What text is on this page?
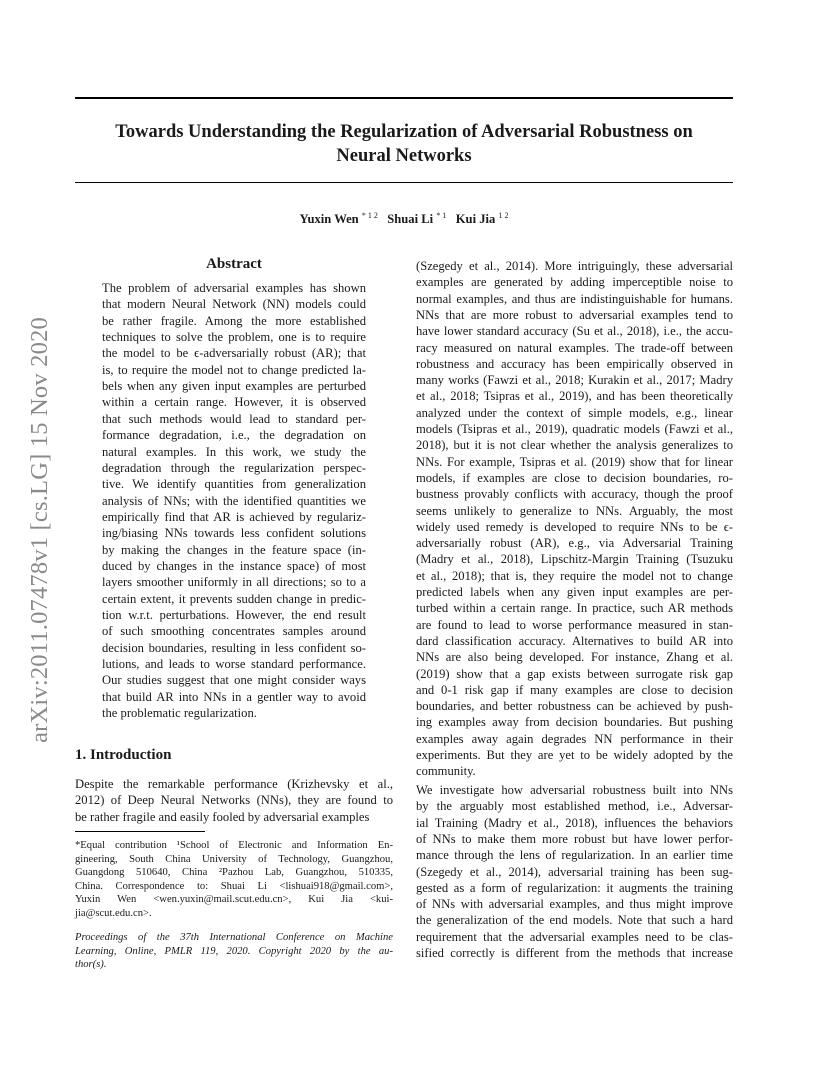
arXiv:2011.07478v1 [cs.LG] 15 Nov 2020
Towards Understanding the Regularization of Adversarial Robustness on
Neural Networks
Yuxin Wen $^{* 1 2}$ Shuai Li $^{* 1}$ Kui Jia $^{1 2}$
Abstract
The problem of adversarial examples has shown
that modern Neural Network (NN) models could
be rather fragile. Among the more established
techniques to solve the problem, one is to require
the model to be ϵ-adversarially robust (AR); that
is, to require the model not to change predicted la-
bels when any given input examples are perturbed
within a certain range. However, it is observed
that such methods would lead to standard per-
formance degradation, i.e., the degradation on
natural examples. In this work, we study the
degradation through the regularization perspec-
tive. We identify quantities from generalization
analysis of NNs; with the identified quantities we
empirically find that AR is achieved by regulariz-
ing/biasing NNs towards less confident solutions
by making the changes in the feature space (in-
duced by changes in the instance space) of most
layers smoother uniformly in all directions; so to a
certain extent, it prevents sudden change in predic-
tion w.r.t. perturbations. However, the end result
of such smoothing concentrates samples around
decision boundaries, resulting in less confident so-
lutions, and leads to worse standard performance.
Our studies suggest that one might consider ways
that build AR into NNs in a gentler way to avoid
the problematic regularization.
1. Introduction
Despite the remarkable performance (Krizhevsky et al.,
2012) of Deep Neural Networks (NNs), they are found to
be rather fragile and easily fooled by adversarial examples
*Equal contribution ¹School of Electronic and Information En-
gineering, South China University of Technology, Guangzhou,
Guangdong 510640, China ²Pazhou Lab, Guangzhou, 510335,
China. Correspondence to: Shuai Li <lishuai918@gmail.com>,
Yuxin Wen <wen.yuxin@mail.scut.edu.cn>, Kui Jia <kui-
jia@scut.edu.cn>.
Proceedings of the 37th International Conference on Machine
Learning, Online, PMLR 119, 2020. Copyright 2020 by the au-
thor(s).
(Szegedy et al., 2014). More intriguingly, these adversarial
examples are generated by adding imperceptible noise to
normal examples, and thus are indistinguishable for humans.
NNs that are more robust to adversarial examples tend to
have lower standard accuracy (Su et al., 2018), i.e., the accu-
racy measured on natural examples. The trade-off between
robustness and accuracy has been empirically observed in
many works (Fawzi et al., 2018; Kurakin et al., 2017; Madry
et al., 2018; Tsipras et al., 2019), and has been theoretically
analyzed under the context of simple models, e.g., linear
models (Tsipras et al., 2019), quadratic models (Fawzi et al.,
2018), but it is not clear whether the analysis generalizes to
NNs. For example, Tsipras et al. (2019) show that for linear
models, if examples are close to decision boundaries, ro-
bustness provably conflicts with accuracy, though the proof
seems unlikely to generalize to NNs. Arguably, the most
widely used remedy is developed to require NNs to be ϵ-
adversarially robust (AR), e.g., via Adversarial Training
(Madry et al., 2018), Lipschitz-Margin Training (Tsuzuku
et al., 2018); that is, they require the model not to change
predicted labels when any given input examples are per-
turbed within a certain range. In practice, such AR methods
are found to lead to worse performance measured in stan-
dard classification accuracy. Alternatives to build AR into
NNs are also being developed. For instance, Zhang et al.
(2019) show that a gap exists between surrogate risk gap
and 0-1 risk gap if many examples are close to decision
boundaries, and better robustness can be achieved by push-
ing examples away from decision boundaries. But pushing
examples away again degrades NN performance in their
experiments. But they are yet to be widely adopted by the
community.
We investigate how adversarial robustness built into NNs
by the arguably most established method, i.e., Adversar-
ial Training (Madry et al., 2018), influences the behaviors
of NNs to make them more robust but have lower perfor-
mance through the lens of regularization. In an earlier time
(Szegedy et al., 2014), adversarial training has been sug-
gested as a form of regularization: it augments the training
of NNs with adversarial examples, and thus might improve
the generalization of the end models. Note that such a hard
requirement that the adversarial examples need to be clas-
sified correctly is different from the methods that increase
